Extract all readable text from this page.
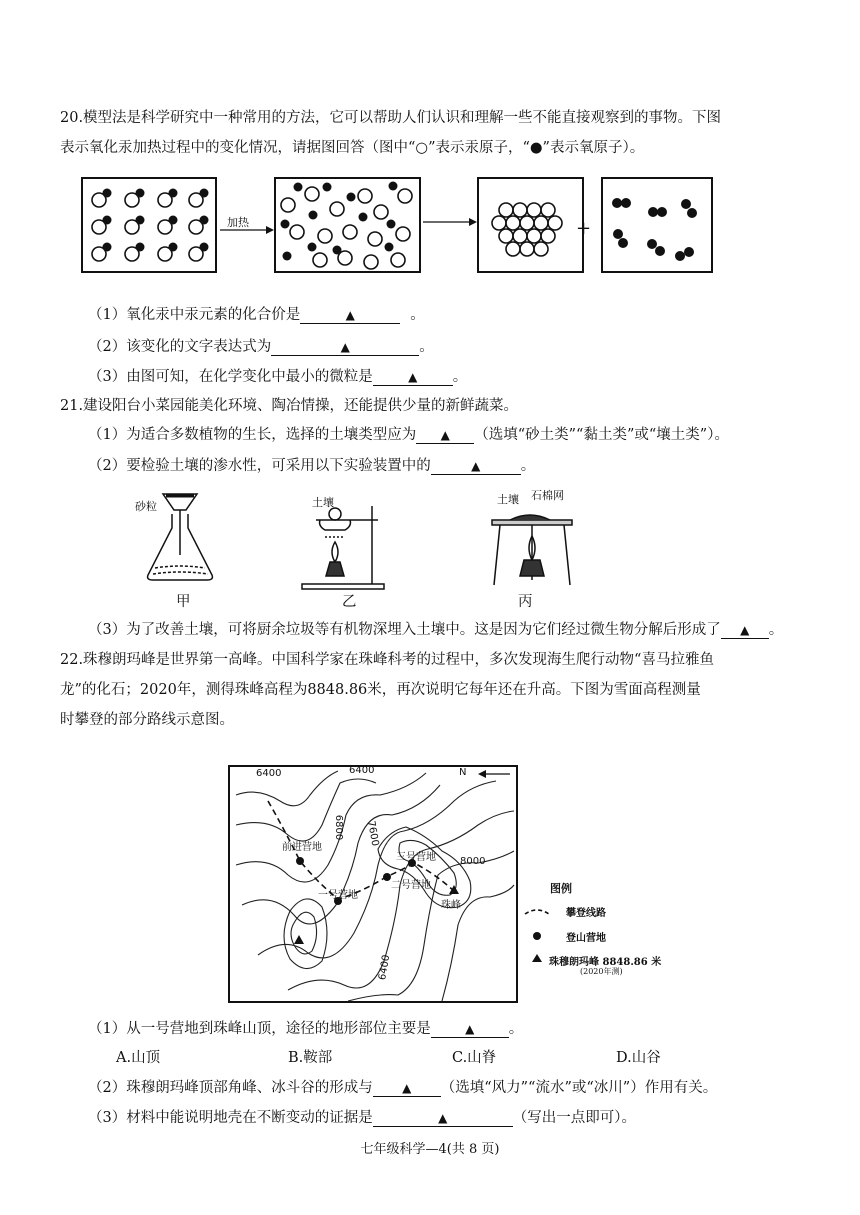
20.模型法是科学研究中一种常用的方法，它可以帮助人们认识和理解一些不能直接观察到的事物。下图
表示氧化汞加热过程中的变化情况，请据图回答（图中“○”表示汞原子，“●”表示氧原子）。
加热	+
（1）氧化汞中汞元素的化合价是	▲	。
（2）该变化的文字表达式为	▲	。
（3）由图可知，在化学变化中最小的微粒是	▲ 。
21.建设阳台小菜园能美化环境、陶冶情操，还能提供少量的新鲜蔬菜。
（1）为适合多数植物的生长，选择的土壤类型应为 ▲ （选填“砂土类”“黏土类”或“壤土类”）。
（2）要检验土壤的渗水性，可采用以下实验装置中的	▲	。
砂粒	土壤	土壤 石棉网
甲	乙	丙
（3）为了改善土壤，可将厨余垃圾等有机物深埋入土壤中。这是因为它们经过微生物分解后形成了 ▲ 。
22.珠穆朗玛峰是世界第一高峰。中国科学家在珠峰科考的过程中，多次发现海生爬行动物“喜马拉雅鱼
龙”的化石；2020年，测得珠峰高程为8848.86米，再次说明它每年还在升高。下图为雪面高程测量
时攀登的部分路线示意图。
6400	6400
6400
6800 7600
8000
N
前进营地
一号营地
二号营地
三号营地
珠峰
图例
攀登线路
登山营地
珠穆朗玛峰 8848.86 米
(2020年测)
（1）从一号营地到珠峰山顶，途径的地形部位主要是	▲ 。
A.山顶	B.鞍部	C.山脊	D.山谷
（2）珠穆朗玛峰顶部角峰、冰斗谷的形成与 ▲ （选填“风力”“流水”或“冰川”）作用有关。
（3）材料中能说明地壳在不断变动的证据是	▲	（写出一点即可）。
七年级科学—4(共 8 页)
